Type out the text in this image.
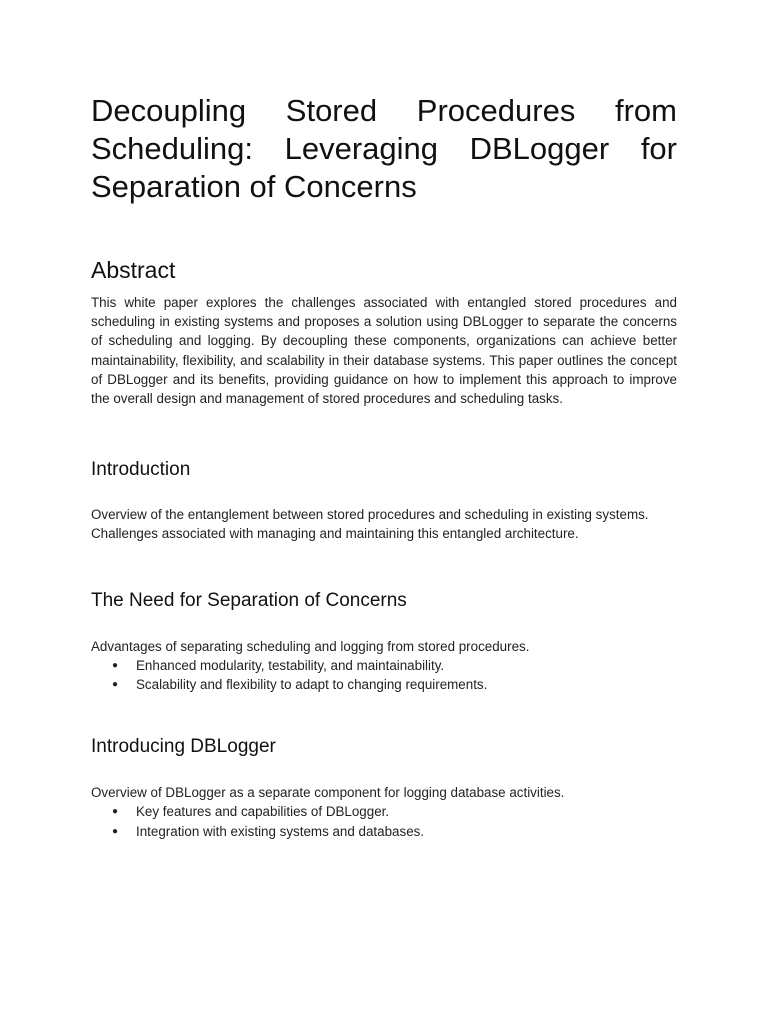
Decoupling Stored Procedures from Scheduling: Leveraging DBLogger for Separation of Concerns
Abstract

This white paper explores the challenges associated with entangled stored procedures and scheduling in existing systems and proposes a solution using DBLogger to separate the concerns of scheduling and logging. By decoupling these components, organizations can achieve better maintainability, flexibility, and scalability in their database systems. This paper outlines the concept of DBLogger and its benefits, providing guidance on how to implement this approach to improve the overall design and management of stored procedures and scheduling tasks.

Introduction

Overview of the entanglement between stored procedures and scheduling in existing systems.

Challenges associated with managing and maintaining this entangled architecture.

The Need for Separation of Concerns

Advantages of separating scheduling and logging from stored procedures.

● Enhanced modularity, testability, and maintainability.
● Scalability and flexibility to adapt to changing requirements.
Introducing DBLogger

Overview of DBLogger as a separate component for logging database activities.

● Key features and capabilities of DBLogger.
● Integration with existing systems and databases.
